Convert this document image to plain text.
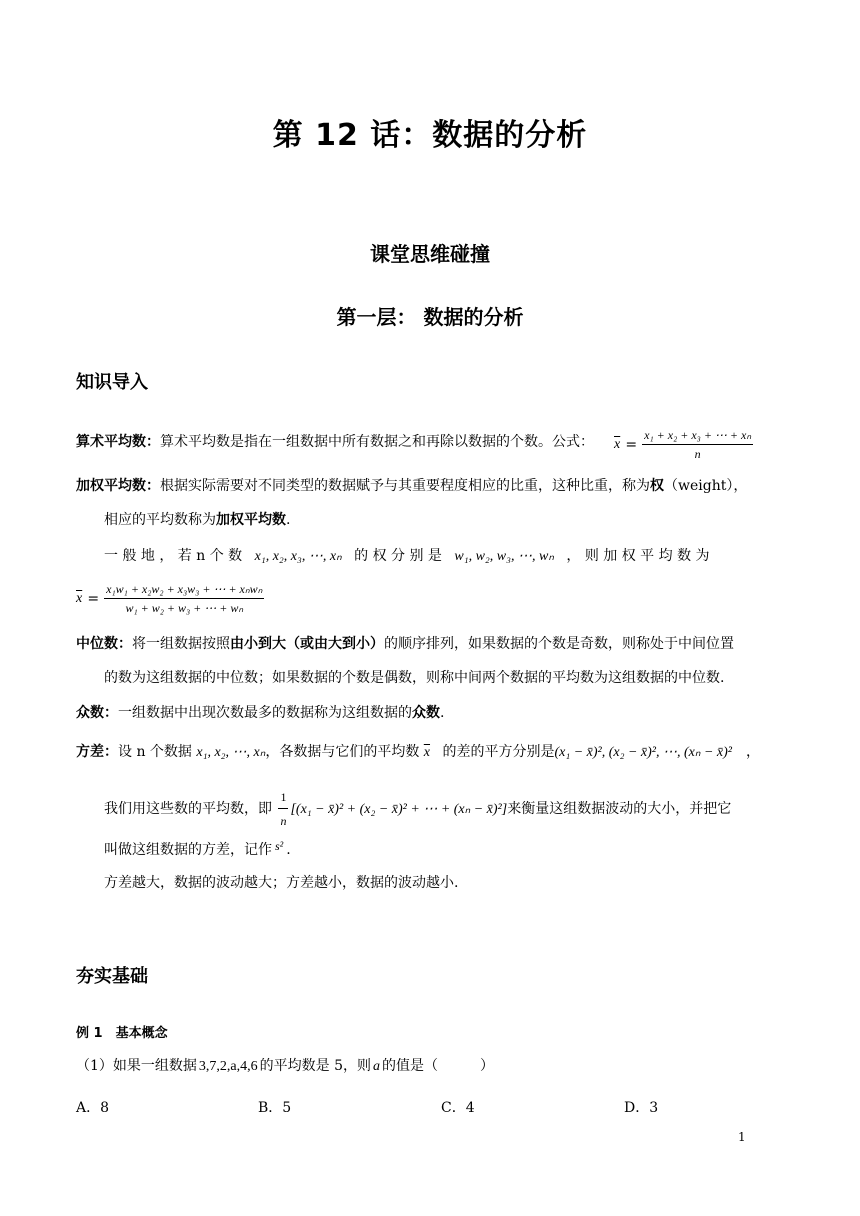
第 12 话：数据的分析
课堂思维碰撞
第一层： 数据的分析
知识导入
算术平均数：算术平均数是指在一组数据中所有数据之和再除以数据的个数。公式： $\overline{x} = \frac{\text{x₁ + x₂ + x₃ + ⋯ + xₙ}}{n}$
加权平均数：根据实际需要对不同类型的数据赋予与其重要程度相应的比重，这种比重，称为权（weight），
相应的平均数称为加权平均数.
一 般 地 ， 若 n 个 数 x₁, x₂, x₃, ⋯, xₙ 的 权 分 别 是 w₁, w₂, w₃, ⋯, wₙ ， 则 加 权 平 均 数 为
$\overline{x} = \frac{\text{x₁w₁ + x₂w₂ + x₃w₃ + ⋯ + xₙwₙ}}{\text{w₁ + w₂ + w₃ + ⋯ + wₙ}}$
中位数：将一组数据按照由小到大（或由大到小）的顺序排列，如果数据的个数是奇数，则称处于中间位置
的数为这组数据的中位数；如果数据的个数是偶数，则称中间两个数据的平均数为这组数据的中位数.
众数：一组数据中出现次数最多的数据称为这组数据的众数.
方差：设 n 个数据 x₁, x₂, ⋯, xₙ，各数据与它们的平均数 $\overline{x}$ 的差的平方分别是(x₁ − x̄)², (x₂ − x̄)², ⋯, (xₙ − x̄)² ，
我们用这些数的平均数，即 $\frac{1}{n} [(x_1$ − x̄)² + (x₂ − x̄)² + ⋯ + (xₙ − x̄)²]来衡量这组数据波动的大小，并把它
叫做这组数据的方差，记作 s² .
方差越大，数据的波动越大；方差越小，数据的波动越小.
夯实基础
例 1　基本概念
（1）如果一组数据 3,7,2,a,4,6 的平均数是 5，则 a 的值是（　　　）
A．8	B．5	C．4	D．3
1
